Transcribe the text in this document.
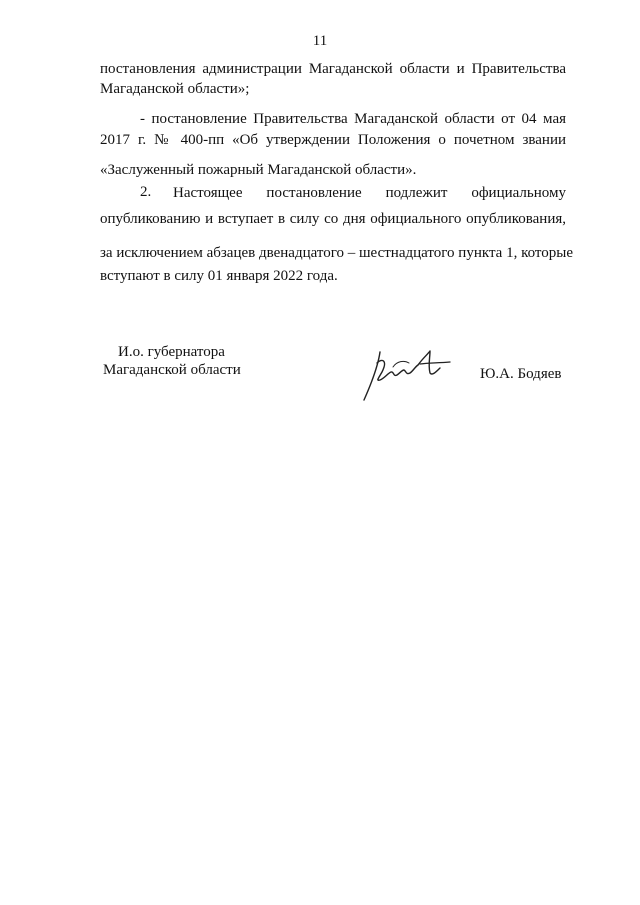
11
постановления администрации Магаданской области и Правительства
Магаданской области»;
- постановление Правительства Магаданской области от 04 мая
2017 г. № 400-пп «Об утверждении Положения о почетном звании
«Заслуженный пожарный Магаданской области».
2. Настоящее постановление подлежит официальному
опубликованию и вступает в силу со дня официального опубликования,
за исключением абзацев двенадцатого – шестнадцатого пункта 1, которые
вступают в силу 01 января 2022 года.
И.о. губернатора
Магаданской области	Ю.А. Бодяев
